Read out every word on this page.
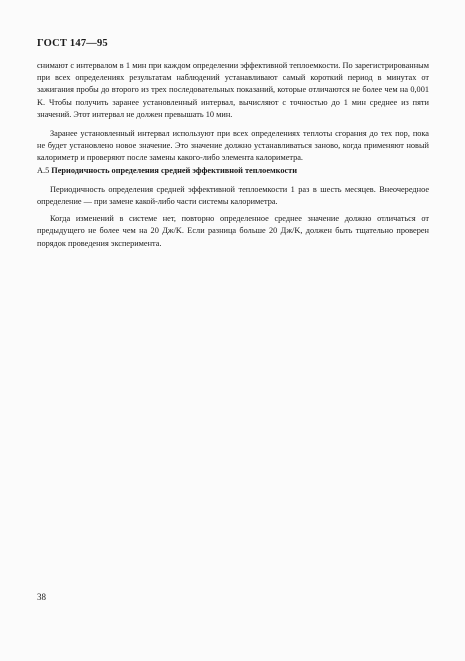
ГОСТ 147—95

снимают с интервалом в 1 мин при каждом определении эффективной теплоемкости. По зарегистрированным при всех определениях результатам наблюдений устанавливают самый короткий период в минутах от зажигания пробы до второго из трех последовательных показаний, которые отличаются не более чем на 0,001 K. Чтобы получить заранее установленный интервал, вычисляют с точностью до 1 мин среднее из пяти значений. Этот интервал не должен превышать 10 мин.

Заранее установленный интервал используют при всех определениях теплоты сгорания до тех пор, пока не будет установлено новое значение. Это значение должно устанавливаться заново, когда применяют новый калориметр и проверяют после замены какого-либо элемента калориметра.

А.5 Периодичность определения средней эффективной теплоемкости

Периодичность определения средней эффективной теплоемкости 1 раз в шесть месяцев. Внеочередное определение — при замене какой-либо части системы калориметра.

Когда изменений в системе нет, повторно определенное среднее значение должно отличаться от предыдущего не более чем на 20 Дж/K. Если разница больше 20 Дж/K, должен быть тщательно проверен порядок проведения эксперимента.

38
